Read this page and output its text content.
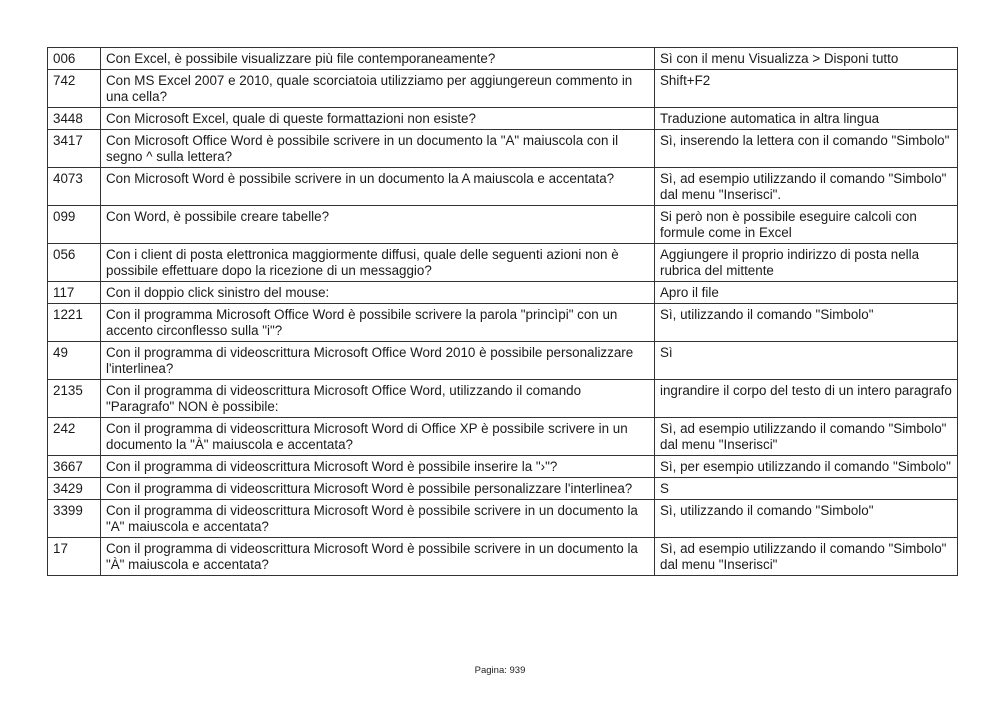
006	Con Excel, è possibile visualizzare più file contemporaneamente?	Sì con il menu Visualizza > Disponi tutto
742	Con MS Excel 2007 e 2010, quale scorciatoia utilizziamo per aggiungereun commento in una cella?	Shift+F2
3448	Con Microsoft Excel, quale di queste formattazioni non esiste?	Traduzione automatica in altra lingua
3417	Con Microsoft Office Word è possibile scrivere in un documento la "A" maiuscola con il segno ^ sulla lettera?	Sì, inserendo la lettera con il comando "Simbolo"
4073	Con Microsoft Word è possibile scrivere in un documento la A maiuscola e accentata?	Sì, ad esempio utilizzando il comando "Simbolo" dal menu "Inserisci".
099	Con Word, è possibile creare tabelle?	Si però non è possibile eseguire calcoli con formule come in Excel
056	Con i client di posta elettronica maggiormente diffusi, quale delle seguenti azioni non è possibile effettuare dopo la ricezione di un messaggio?	Aggiungere il proprio indirizzo di posta nella rubrica del mittente
117	Con il doppio click sinistro del mouse:	Apro il file
1221	Con il programma Microsoft Office Word è possibile scrivere la parola "princìpi" con un accento circonflesso sulla "i"?	Sì, utilizzando il comando "Simbolo"
49	Con il programma di videoscrittura Microsoft Office Word 2010 è possibile personalizzare l'interlinea?	Sì
2135	Con il programma di videoscrittura Microsoft Office Word, utilizzando il comando "Paragrafo" NON è possibile:	ingrandire il corpo del testo di un intero paragrafo
242	Con il programma di videoscrittura Microsoft Word di Office XP è possibile scrivere in un documento la "À" maiuscola e accentata?	Sì, ad esempio utilizzando il comando "Simbolo" dal menu "Inserisci"
3667	Con il programma di videoscrittura Microsoft Word è possibile inserire la "›"?	Sì, per esempio utilizzando il comando "Simbolo"
3429	Con il programma di videoscrittura Microsoft Word è possibile personalizzare l'interlinea?	S
3399	Con il programma di videoscrittura Microsoft Word è possibile scrivere in un documento la "A" maiuscola e accentata?	Sì, utilizzando il comando "Simbolo"
17	Con il programma di videoscrittura Microsoft Word è possibile scrivere in un documento la "À" maiuscola e accentata?	Sì, ad esempio utilizzando il comando "Simbolo" dal menu "Inserisci"
Pagina: 939
